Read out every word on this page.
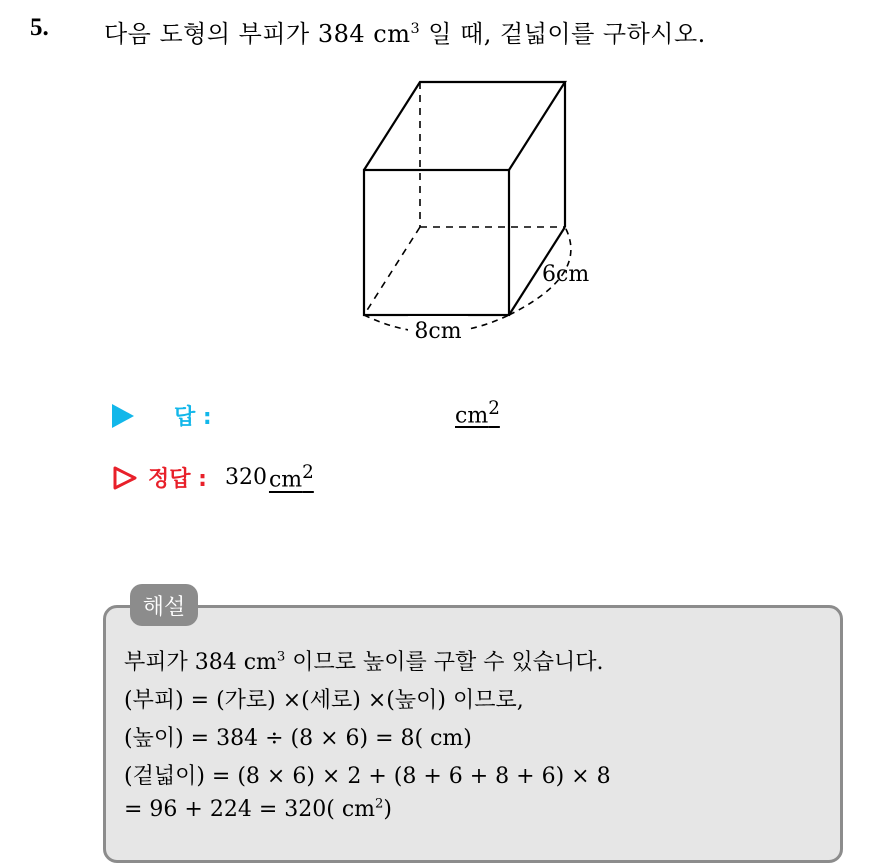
5. 다음 도형의 부피가 384 $cm^3$ 일 때, 겉넓이를 구하시오.
8cm
6cm
답 :	$cm^2$
정답 : 320 $cm^2$
해설
부피가 384 $cm^3$ 이므로 높이를 구할 수 있습니다.
(부피) = (가로) ×(세로) ×(높이) 이므로,
(높이) = 384 ÷ (8 × 6) = 8( cm)
(겉넓이) = (8 × 6) × 2 + (8 + 6 + 8 + 6) × 8
= 96 + 224 = 320( $cm^2$)
